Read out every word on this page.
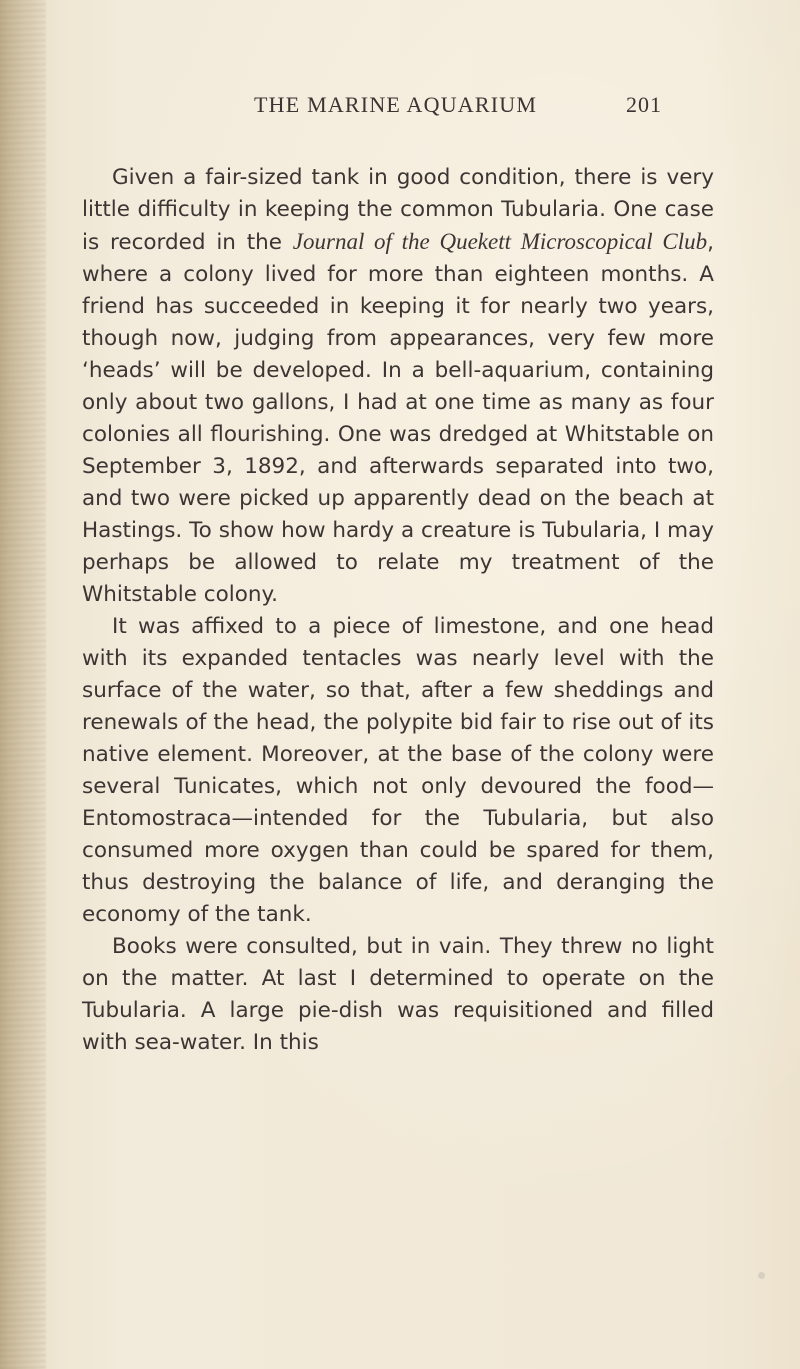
THE MARINE AQUARIUM	201

Given a fair-sized tank in good condition, there is very little difficulty in keeping the common Tubularia. One case is recorded in the Journal of the Quekett Microscopical Club, where a colony lived for more than eighteen months. A friend has succeeded in keeping it for nearly two years, though now, judging from appearances, very few more ‘heads’ will be developed. In a bell-aquarium, containing only about two gallons, I had at one time as many as four colonies all flourishing. One was dredged at Whitstable on September 3, 1892, and afterwards separated into two, and two were picked up apparently dead on the beach at Hastings. To show how hardy a creature is Tubularia, I may perhaps be allowed to relate my treatment of the Whitstable colony.

It was affixed to a piece of limestone, and one head with its expanded tentacles was nearly level with the surface of the water, so that, after a few sheddings and renewals of the head, the polypite bid fair to rise out of its native element. Moreover, at the base of the colony were several Tunicates, which not only devoured the food—Entomostraca—intended for the Tubularia, but also consumed more oxygen than could be spared for them, thus destroying the balance of life, and deranging the economy of the tank.

Books were consulted, but in vain. They threw no light on the matter. At last I determined to operate on the Tubularia. A large pie-dish was requisitioned and filled with sea-water. In this
